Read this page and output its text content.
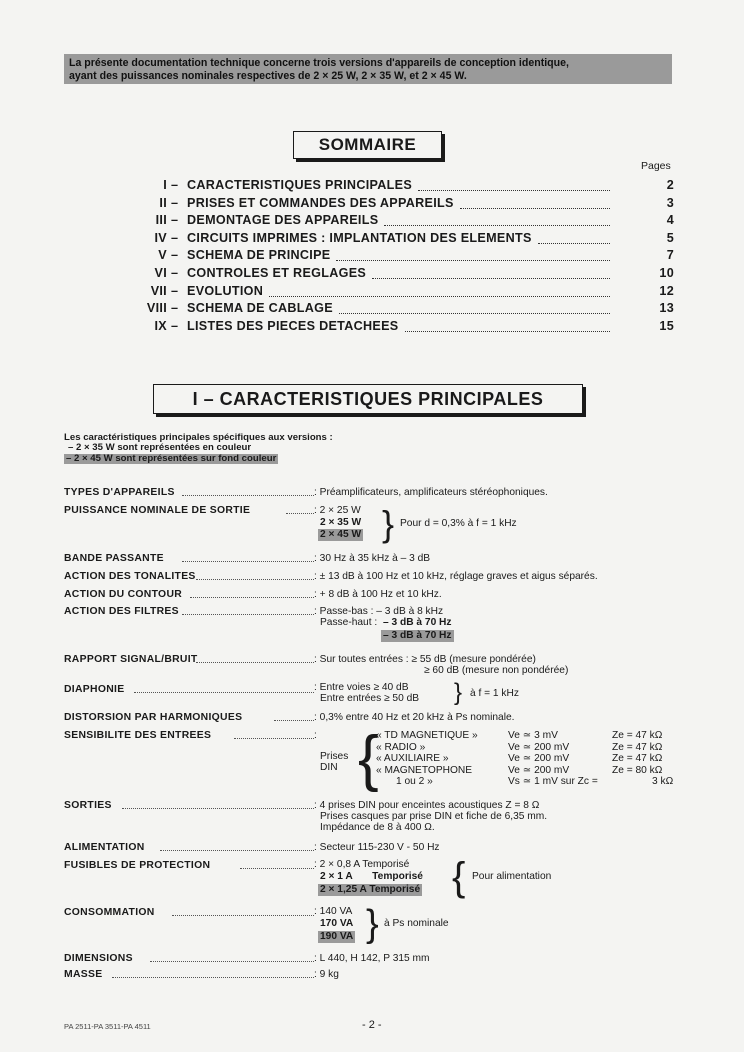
La présente documentation technique concerne trois versions d'appareils de conception identique,
ayant des puissances nominales respectives de 2 × 25 W, 2 × 35 W, et 2 × 45 W.
SOMMAIRE
Pages
I – CARACTERISTIQUES PRINCIPALES	2
II – PRISES ET COMMANDES DES APPAREILS	3
III – DEMONTAGE DES APPAREILS	4
IV – CIRCUITS IMPRIMES : IMPLANTATION DES ELEMENTS	5
V – SCHEMA DE PRINCIPE	7
VI – CONTROLES ET REGLAGES	10
VII – EVOLUTION	12
VIII – SCHEMA DE CABLAGE	13
IX – LISTES DES PIECES DETACHEES	15
I – CARACTERISTIQUES PRINCIPALES
Les caractéristiques principales spécifiques aux versions :
– 2 × 35 W sont représentées en couleur
– 2 × 45 W sont représentées sur fond couleur
TYPES D'APPAREILS	: Préamplificateurs, amplificateurs stéréophoniques.
PUISSANCE NOMINALE DE SORTIE	: 2 × 25 W
2 × 35 W
2 × 45 W } Pour d = 0,3% à f = 1 kHz
BANDE PASSANTE	: 30 Hz à 35 kHz à – 3 dB
ACTION DES TONALITES	: ± 13 dB à 100 Hz et 10 kHz, réglage graves et aigus séparés.
ACTION DU CONTOUR	: + 8 dB à 100 Hz et 10 kHz.
ACTION DES FILTRES	: Passe-bas : – 3 dB à 8 kHz
Passe-haut : – 3 dB à 70 Hz
– 3 dB à 70 Hz
RAPPORT SIGNAL/BRUIT	: Sur toutes entrées : ≥ 55 dB (mesure pondérée)
≥ 60 dB (mesure non pondérée)
DIAPHONIE	: Entre voies ≥ 40 dB
Entre entrées ≥ 50 dB } à f = 1 kHz
DISTORSION PAR HARMONIQUES	: 0,3% entre 40 Hz et 20 kHz à Ps nominale.
SENSIBILITE DES ENTREES	:
Prises
DIN {
« TD MAGNETIQUE »	Ve ≃ 3 mV	Ze = 47 kΩ
« RADIO »	Ve ≃ 200 mV	Ze = 47 kΩ
« AUXILIAIRE »	Ve ≃ 200 mV	Ze = 47 kΩ
« MAGNETOPHONE	Ve ≃ 200 mV	Ze = 80 kΩ
1 ou 2 »	Vs ≃ 1 mV sur Zc =	3 kΩ
SORTIES	: 4 prises DIN pour enceintes acoustiques Z = 8 Ω
Prises casques par prise DIN et fiche de 6,35 mm.
Impédance de 8 à 400 Ω.
ALIMENTATION	: Secteur 115-230 V - 50 Hz
FUSIBLES DE PROTECTION	: 2 × 0,8 A Temporisé
2 × 1 A       Temporisé
2 × 1,25 A Temporisé { Pour alimentation
CONSOMMATION	: 140 VA
170 VA
190 VA } à Ps nominale
DIMENSIONS	: L 440, H 142, P 315 mm
MASSE	: 9 kg
PA 2511-PA 3511-PA 4511	- 2 -
